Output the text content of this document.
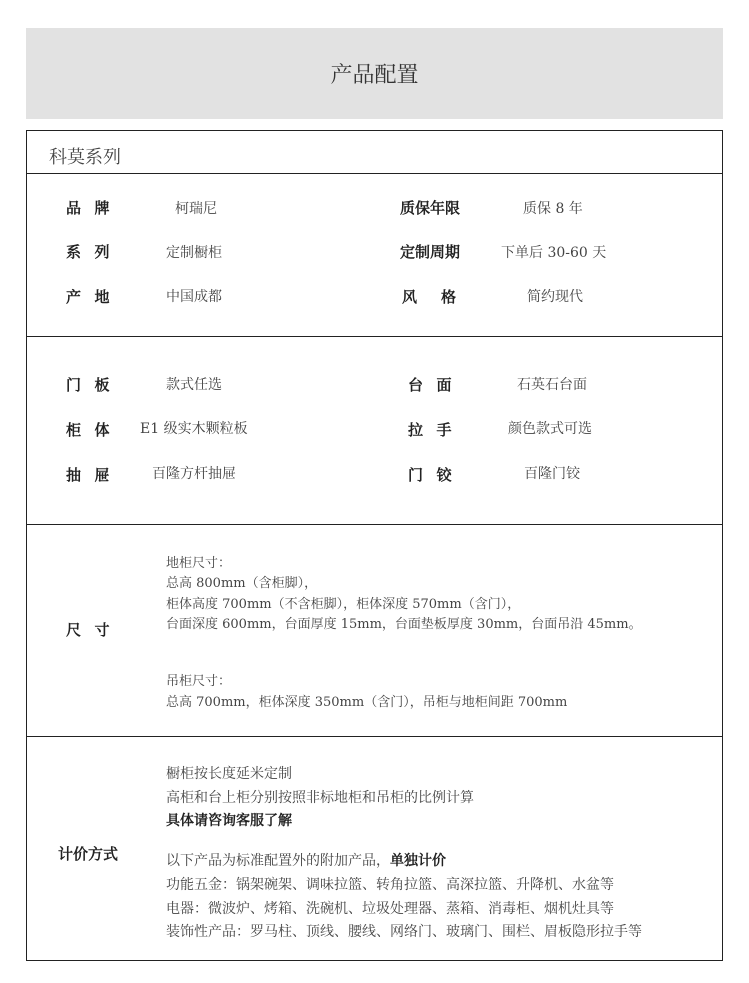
产品配置
科莫系列
品牌	柯瑞尼	质保年限	质保 8 年
系列	定制橱柜	定制周期	下单后 30-60 天
产地	中国成都	风格	简约现代
门板	款式任选	台面	石英石台面
柜体 E1 级实木颗粒板	拉手	颜色款式可选
抽屉 百隆方杆抽屉	门铰	百隆门铰
尺寸
地柜尺寸：
总高 800mm（含柜脚），
柜体高度 700mm（不含柜脚），柜体深度 570mm（含门），
台面深度 600mm，台面厚度 15mm，台面垫板厚度 30mm，台面吊沿 45mm。
吊柜尺寸：
总高 700mm，柜体深度 350mm（含门），吊柜与地柜间距 700mm
计价方式
橱柜按长度延米定制
高柜和台上柜分别按照非标地柜和吊柜的比例计算
具体请咨询客服了解
以下产品为标准配置外的附加产品，单独计价
功能五金：锅架碗架、调味拉篮、转角拉篮、高深拉篮、升降机、水盆等
电器：微波炉、烤箱、洗碗机、垃圾处理器、蒸箱、消毒柜、烟机灶具等
装饰性产品：罗马柱、顶线、腰线、网络门、玻璃门、围栏、眉板隐形拉手等
